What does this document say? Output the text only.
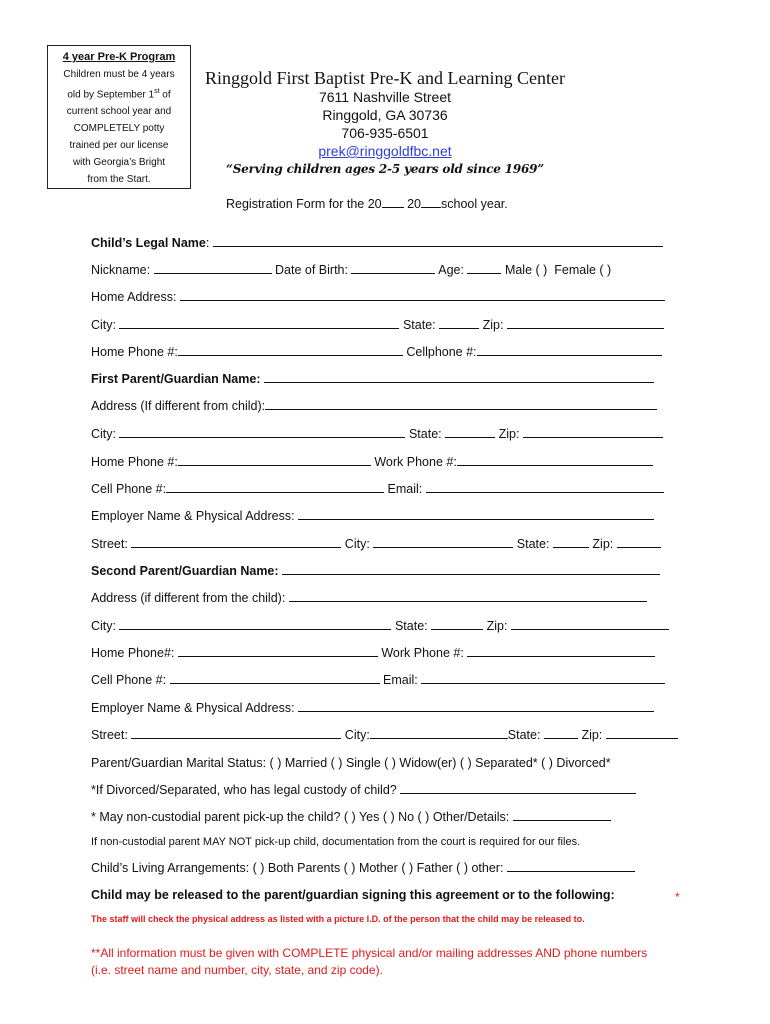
4 year Pre-K Program
Children must be 4 years
old by September 1st of
current school year and
COMPLETELY potty
trained per our license
with Georgia’s Bright
from the Start.
Ringgold First Baptist Pre-K and Learning Center
7611 Nashville Street
Ringgold, GA 30736
706-935-6501
prek@ringgoldfbc.net
“Serving children ages 2-5 years old since 1969”
Registration Form for the 20 20 school year.
Child’s Legal Name:
Nickname:	Date of Birth:	Age:	Male ( ) Female ( )
Home Address:
City:	State:	Zip:
Home Phone #:	Cellphone #:
First Parent/Guardian Name:
Address (If different from child):
City:	State:	Zip:
Home Phone #:	Work Phone #:
Cell Phone #:	Email:
Employer Name & Physical Address:
Street:	City:	State:	Zip:
Second Parent/Guardian Name:
Address (if different from the child):
City:	State:	Zip:
Home Phone#:	Work Phone #:
Cell Phone #:	Email:
Employer Name & Physical Address:
Street:	City:	State:	Zip:
Parent/Guardian Marital Status: ( ) Married ( ) Single ( ) Widow(er) ( ) Separated* ( ) Divorced*
*If Divorced/Separated, who has legal custody of child?
* May non-custodial parent pick-up the child? ( ) Yes ( ) No ( ) Other/Details:
If non-custodial parent MAY NOT pick-up child, documentation from the court is required for our files.
Child’s Living Arrangements: ( ) Both Parents ( ) Mother ( ) Father ( ) other:
Child may be released to the parent/guardian signing this agreement or to the following:	*
The staff will check the physical address as listed with a picture I.D. of the person that the child may be released to.
**All information must be given with COMPLETE physical and/or mailing addresses AND phone numbers
(i.e. street name and number, city, state, and zip code).
